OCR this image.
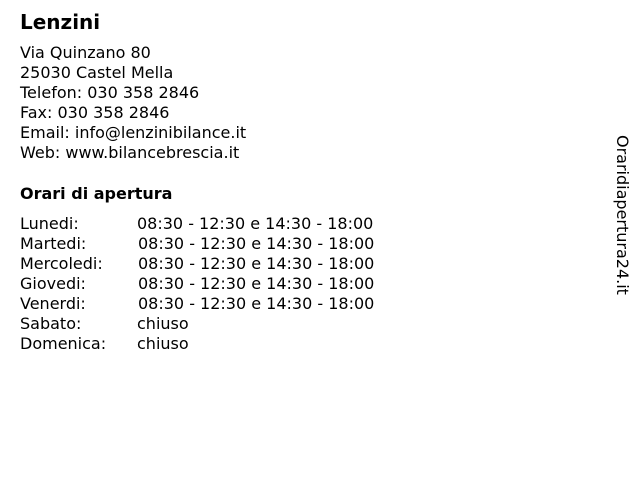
Lenzini
Via Quinzano 80
25030 Castel Mella
Telefon: 030 358 2846
Fax: 030 358 2846
Email: info@lenzinibilance.it
Web: www.bilancebrescia.it
Orari di apertura
Lunedi:	08:30 - 12:30 e 14:30 - 18:00
Martedi:	08:30 - 12:30 e 14:30 - 18:00
Mercoledi: 08:30 - 12:30 e 14:30 - 18:00
Giovedi:	08:30 - 12:30 e 14:30 - 18:00
Venerdi:	08:30 - 12:30 e 14:30 - 18:00
Sabato:	chiuso
Domenica: chiuso
Oraridiapertura24.it
